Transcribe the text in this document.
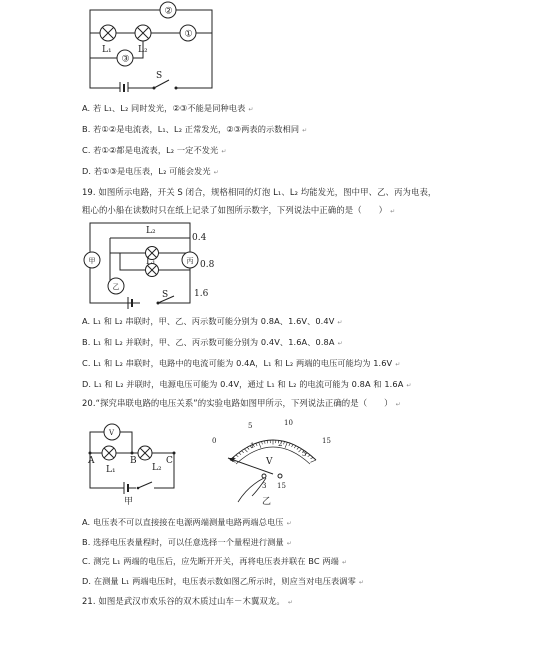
②
①
③
L₁	L₂
S
A. 若 L₁、L₂ 同时发光，②③不能是同种电表 ↵
B. 若①②是电流表，L₁、L₂ 正常发光，②③两表的示数相同 ↵
C. 若①②都是电流表，L₂ 一定不发光 ↵
D. 若①③是电压表，L₂ 可能会发光 ↵
19. 如图所示电路，开关 S 闭合，规格相同的灯泡 L₁、L₂ 均能发光，图中甲、乙、丙为电表，
粗心的小船在读数时只在纸上记录了如图所示数字，下列说法中正确的是（　　） ↵
甲	丙
乙
L₂
L₁
S
0.4
0.8
1.6
A. L₁ 和 L₂ 串联时，甲、乙、丙示数可能分别为 0.8A、1.6V、0.4V ↵
B. L₁ 和 L₂ 并联时，甲、乙、丙示数可能分别为 0.4V、1.6A、0.8A ↵
C. L₁ 和 L₂ 串联时，电路中的电流可能为 0.4A，L₁ 和 L₂ 两端的电压可能均为 1.6V ↵
D. L₁ 和 L₂ 并联时，电源电压可能为 0.4V，通过 L₁ 和 L₂ 的电流可能为 0.8A 和 1.6A ↵
20.“探究串联电路的电压关系”的实验电路如图甲所示，下列说法正确的是（　　） ↵
V
A	B	C
L₁	L₂
甲
0
5	10
15
1	2
3
V
3 15
乙
A. 电压表不可以直接接在电源两端测量电路两端总电压 ↵
B. 选择电压表量程时，可以任意选择一个量程进行测量 ↵
C. 测完 L₁ 两端的电压后，应先断开开关，再将电压表并联在 BC 两端 ↵
D. 在测量 L₁ 两端电压时，电压表示数如图乙所示时，则应当对电压表调零 ↵
21. 如图是武汉市欢乐谷的双木质过山车－木翼双龙。 ↵
